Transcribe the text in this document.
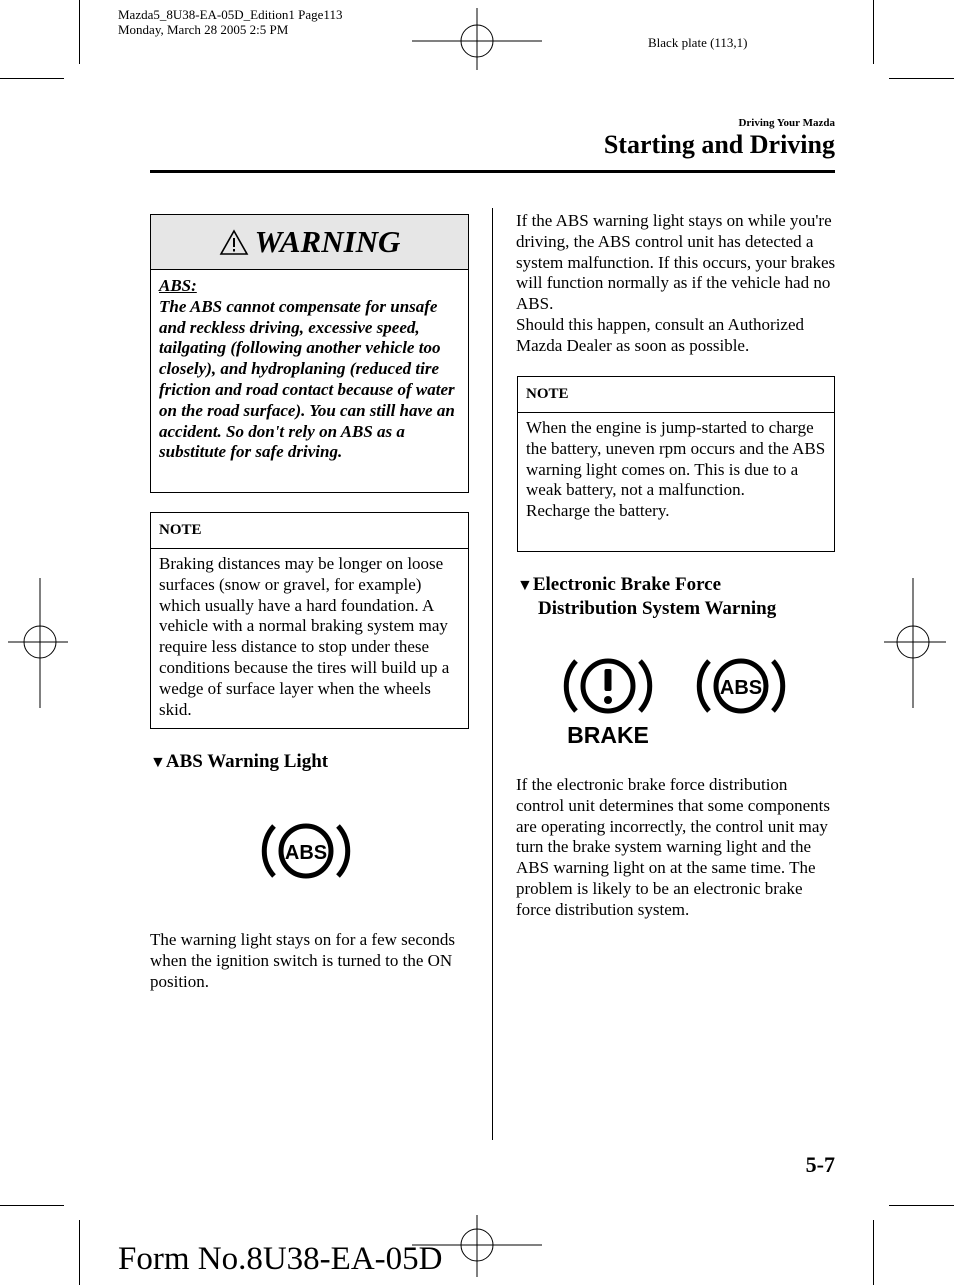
Mazda5_8U38-EA-05D_Edition1 Page113
Monday, March 28 2005 2:5 PM
Black plate (113,1)
Driving Your Mazda
Starting and Driving
WARNING

ABS:

The ABS cannot compensate for unsafe and reckless driving, excessive speed, tailgating (following another vehicle too closely), and hydroplaning (reduced tire friction and road contact because of water on the road surface). You can still have an accident. So don't rely on ABS as a substitute for safe driving.

NOTE
Braking distances may be longer on loose surfaces (snow or gravel, for example) which usually have a hard foundation. A vehicle with a normal braking system may require less distance to stop under these conditions because the tires will build up a wedge of surface layer when the wheels skid.
▼ABS Warning Light
ABS
The warning light stays on for a few seconds when the ignition switch is turned to the ON position.

If the ABS warning light stays on while you're driving, the ABS control unit has detected a system malfunction. If this occurs, your brakes will function normally as if the vehicle had no ABS.

Should this happen, consult an Authorized Mazda Dealer as soon as possible.

NOTE

When the engine is jump-started to charge the battery, uneven rpm occurs and the ABS warning light comes on. This is due to a weak battery, not a malfunction.

Recharge the battery.

▼Electronic Brake Force
Distribution System Warning
BRAKE
ABS
If the electronic brake force distribution control unit determines that some components are operating incorrectly, the control unit may turn the brake system warning light and the ABS warning light on at the same time. The problem is likely to be an electronic brake force distribution system.
5-7
Form No.8U38-EA-05D
